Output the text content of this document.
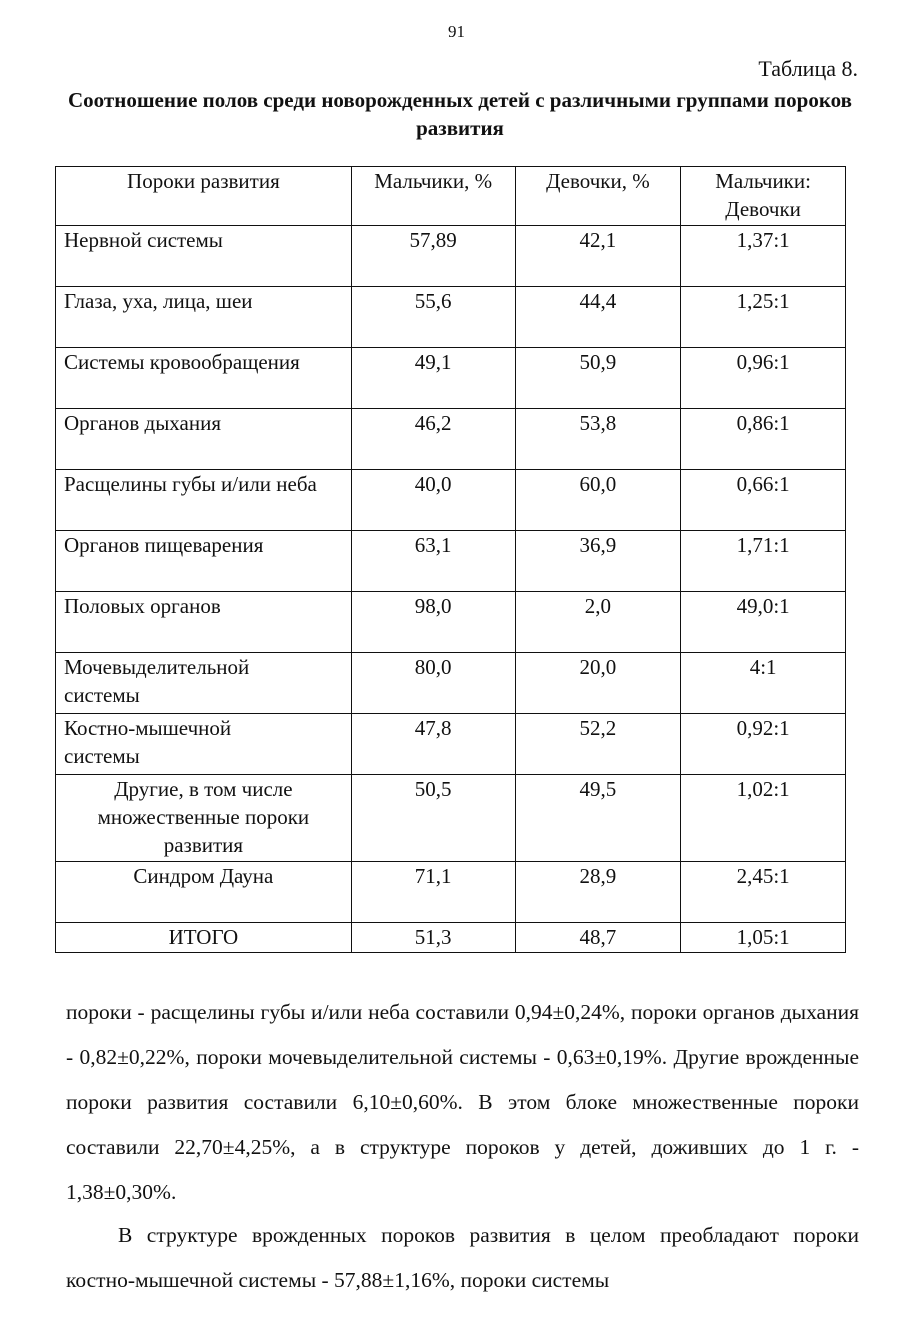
91
Таблица 8.
Соотношение полов среди новорожденных детей с различными группами пороков развития
Пороки развития	Мальчики, %	Девочки, %	Мальчики: Девочки
Нервной системы	57,89	42,1	1,37:1
Глаза, уха, лица, шеи	55,6	44,4	1,25:1
Системы кровообращения	49,1	50,9	0,96:1
Органов дыхания	46,2	53,8	0,86:1
Расщелины губы и/или неба	40,0	60,0	0,66:1
Органов пищеварения	63,1	36,9	1,71:1
Половых органов	98,0	2,0	49,0:1
Мочевыделительной системы	80,0	20,0	4:1
Костно-мышечной системы	47,8	52,2	0,92:1
Другие, в том числе множественные пороки развития	50,5	49,5	1,02:1
Синдром Дауна	71,1	28,9	2,45:1
ИТОГО	51,3	48,7	1,05:1
пороки - расщелины губы и/или неба составили 0,94±0,24%, пороки органов дыхания - 0,82±0,22%, пороки мочевыделительной системы - 0,63±0,19%. Другие врожденные пороки развития составили 6,10±0,60%. В этом блоке множественные пороки составили 22,70±4,25%, а в структуре пороков у детей, доживших до 1 г. - 1,38±0,30%.
В структуре врожденных пороков развития в целом преобладают пороки костно-мышечной системы - 57,88±1,16%, пороки системы
